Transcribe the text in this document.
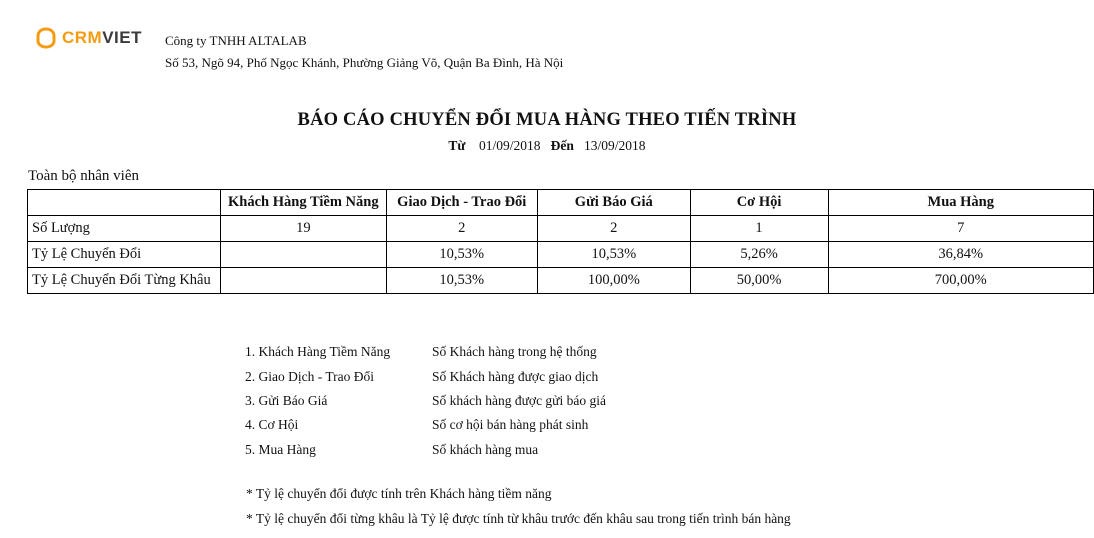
CRMVIET Công ty TNHH ALTALAB
Số 53, Ngõ 94, Phố Ngọc Khánh, Phường Giảng Võ, Quận Ba Đình, Hà Nội
BÁO CÁO CHUYỂN ĐỔI MUA HÀNG THEO TIẾN TRÌNH
Từ 01/09/2018 Đến 13/09/2018
Toàn bộ nhân viên
	Khách Hàng Tiềm Năng	Giao Dịch - Trao Đổi	Gửi Báo Giá	Cơ Hội	Mua Hàng
Số Lượng	19	2	2	1	7
Tỷ Lệ Chuyển Đổi		10,53%	10,53%	5,26%	36,84%
Tỷ Lệ Chuyển Đổi Từng Khâu		10,53%	100,00%	50,00%	700,00%
1. Khách Hàng Tiềm Năng	Số Khách hàng trong hệ thống
2. Giao Dịch - Trao Đổi	Số Khách hàng được giao dịch
3. Gửi Báo Giá	Số khách hàng được gửi báo giá
4. Cơ Hội	Số cơ hội bán hàng phát sinh
5. Mua Hàng	Số khách hàng mua
* Tỷ lệ chuyển đổi được tính trên Khách hàng tiềm năng
* Tỷ lệ chuyển đổi từng khâu là Tỷ lệ được tính từ khâu trước đến khâu sau trong tiến trình bán hàng
